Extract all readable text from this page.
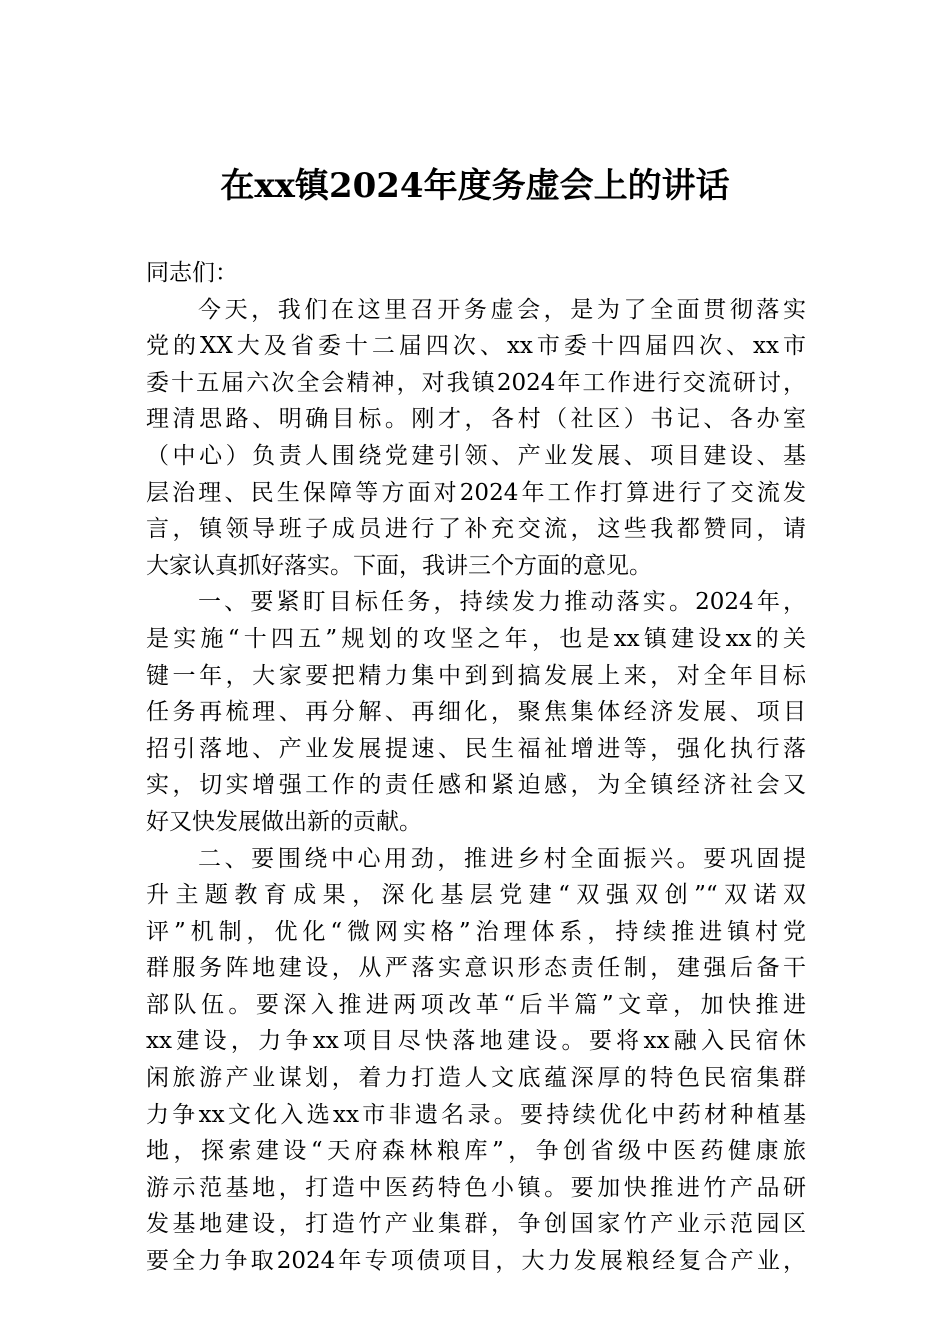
在xx镇2024年度务虚会上的讲话
同志们：
今天，我们在这里召开务虚会，是为了全面贯彻落实
党的XX大及省委十二届四次、xx市委十四届四次、xx市
委十五届六次全会精神，对我镇2024年工作进行交流研讨，
理清思路、明确目标。刚才，各村（社区）书记、各办室
（中心）负责人围绕党建引领、产业发展、项目建设、基
层治理、民生保障等方面对2024年工作打算进行了交流发
言，镇领导班子成员进行了补充交流，这些我都赞同，请
大家认真抓好落实。下面，我讲三个方面的意见。
一、要紧盯目标任务，持续发力推动落实。2024年，
是实施“十四五”规划的攻坚之年，也是xx镇建设xx的关
键一年，大家要把精力集中到到搞发展上来，对全年目标
任务再梳理、再分解、再细化，聚焦集体经济发展、项目
招引落地、产业发展提速、民生福祉增进等，强化执行落
实，切实增强工作的责任感和紧迫感，为全镇经济社会又
好又快发展做出新的贡献。
二、要围绕中心用劲，推进乡村全面振兴。要巩固提
升主题教育成果，深化基层党建“双强双创”“双诺双
评”机制，优化“微网实格”治理体系，持续推进镇村党
群服务阵地建设，从严落实意识形态责任制，建强后备干
部队伍。要深入推进两项改革“后半篇”文章，加快推进
xx建设，力争xx项目尽快落地建设。要将xx融入民宿休
闲旅游产业谋划，着力打造人文底蕴深厚的特色民宿集群
力争xx文化入选xx市非遗名录。要持续优化中药材种植基
地，探索建设“天府森林粮库”，争创省级中医药健康旅
游示范基地，打造中医药特色小镇。要加快推进竹产品研
发基地建设，打造竹产业集群，争创国家竹产业示范园区
要全力争取2024年专项债项目，大力发展粮经复合产业，
